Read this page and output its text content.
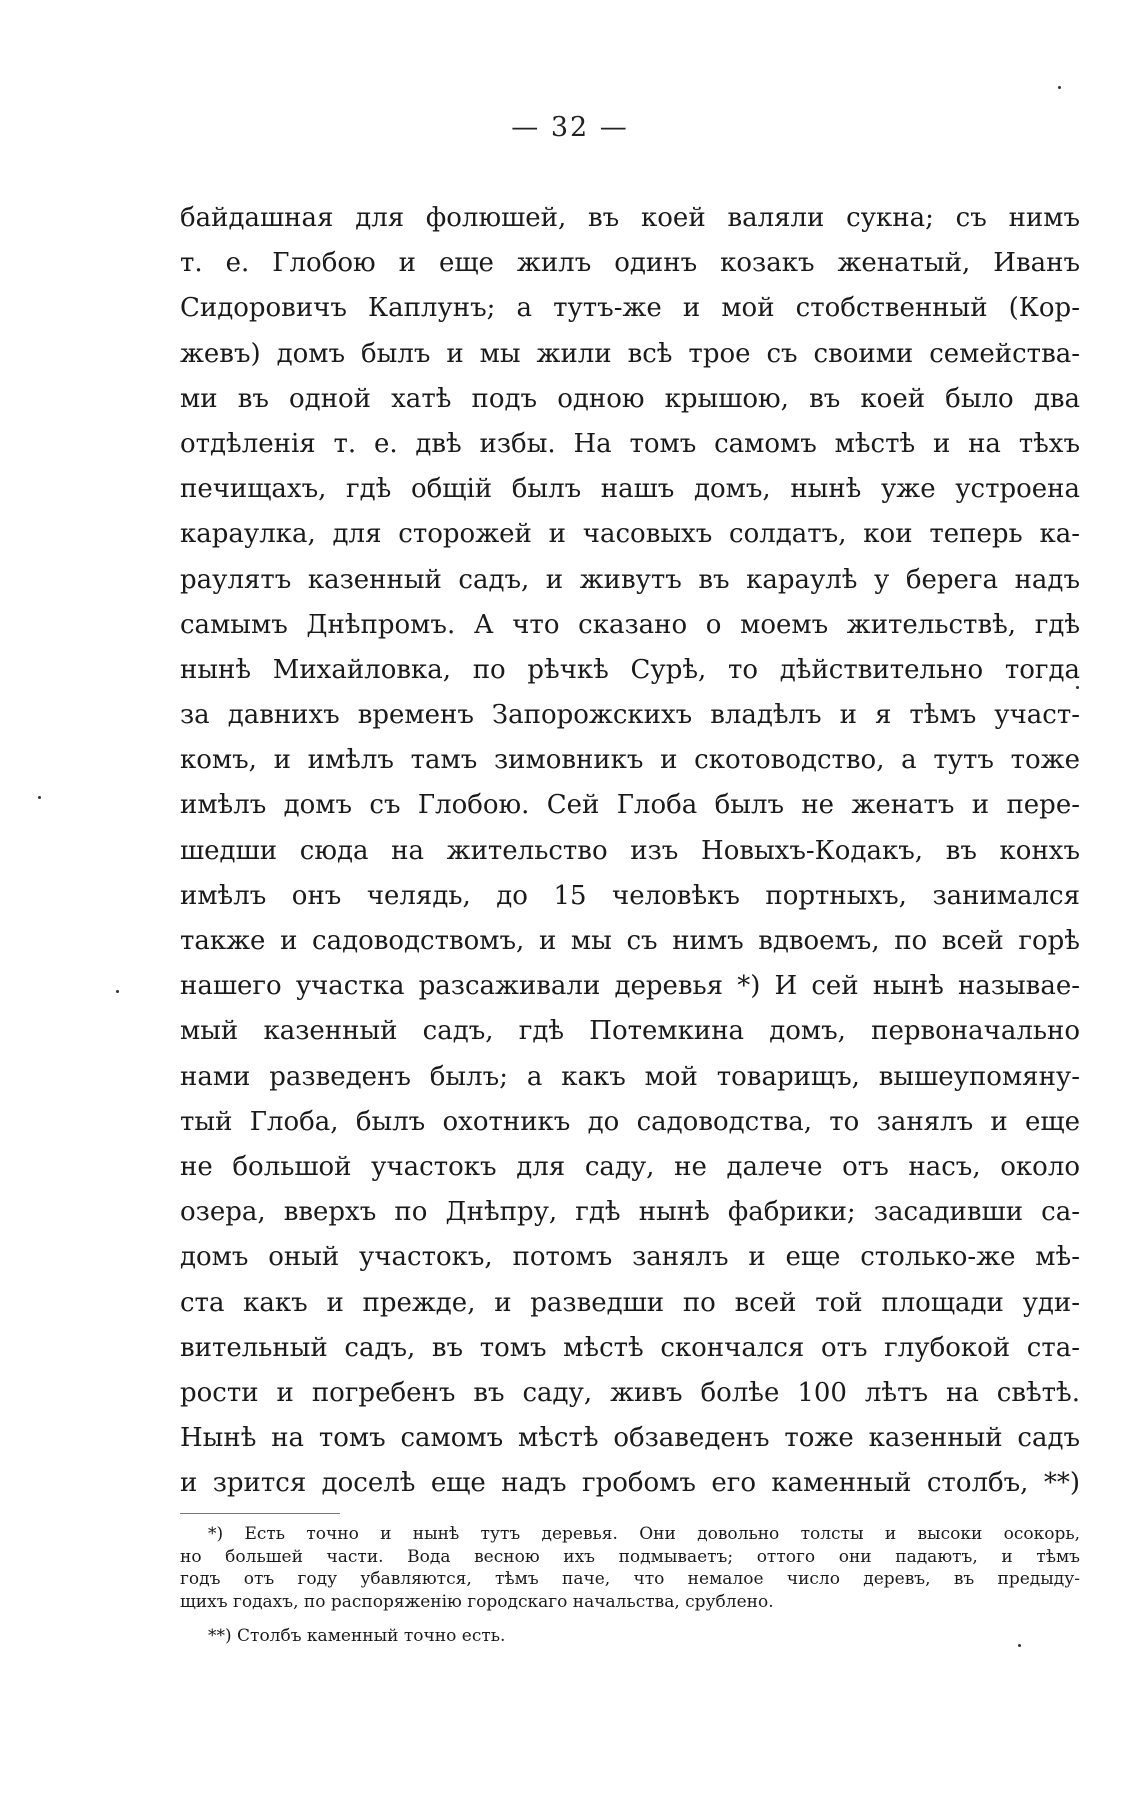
— 32 —
байдашная для фолюшей, въ коей валяли сукна; съ нимъ
т. е. Глобою и еще жилъ одинъ козакъ женатый, Иванъ
Сидоровичъ Каплунъ; а тутъ-же и мой стобственный (Кор-
жевъ) домъ былъ и мы жили всѣ трое съ своими семейства-
ми въ одной хатѣ подъ одною крышою, въ коей было два
отдѣленія т. е. двѣ избы. На томъ самомъ мѣстѣ и на тѣхъ
печищахъ, гдѣ общій былъ нашъ домъ, нынѣ уже устроена
караулка, для сторожей и часовыхъ солдатъ, кои теперь ка-
раулятъ казенный садъ, и живутъ въ караулѣ у берега надъ
самымъ Днѣпромъ. А что сказано о моемъ жительствѣ, гдѣ
нынѣ Михайловка, по рѣчкѣ Сурѣ, то дѣйствительно тогда
за давнихъ временъ Запорожскихъ владѣлъ и я тѣмъ участ-
комъ, и имѣлъ тамъ зимовникъ и скотоводство, а тутъ тоже
имѣлъ домъ съ Глобою. Сей Глоба былъ не женатъ и пере-
шедши сюда на жительство изъ Новыхъ-Кодакъ, въ конхъ
имѣлъ онъ челядь, до 15 человѣкъ портныхъ, занимался
также и садоводствомъ, и мы съ нимъ вдвоемъ, по всей горѣ
нашего участка разсаживали деревья *) И сей нынѣ называе-
мый казенный садъ, гдѣ Потемкина домъ, первоначально
нами разведенъ былъ; а какъ мой товарищъ, вышеупомяну-
тый Глоба, былъ охотникъ до садоводства, то занялъ и еще
не большой участокъ для саду, не далече отъ насъ, около
озера, вверхъ по Днѣпру, гдѣ нынѣ фабрики; засадивши са-
домъ оный участокъ, потомъ занялъ и еще столько-же мѣ-
ста какъ и прежде, и разведши по всей той площади уди-
вительный садъ, въ томъ мѣстѣ скончался отъ глубокой ста-
рости и погребенъ въ саду, живъ болѣе 100 лѣтъ на свѣтѣ.
Нынѣ на томъ самомъ мѣстѣ обзаведенъ тоже казенный садъ
и зрится доселѣ еще надъ гробомъ его каменный столбъ, **)
*) Есть точно и нынѣ тутъ деревья. Они довольно толсты и высоки осокорь,
но большей части. Вода весною ихъ подмываетъ; оттого они падаютъ, и тѣмъ
годъ отъ году убавляются, тѣмъ паче, что немалое число деревъ, въ предыду-
щихъ годахъ, по распоряженію городскаго начальства, срублено.
**) Столбъ каменный точно есть.
